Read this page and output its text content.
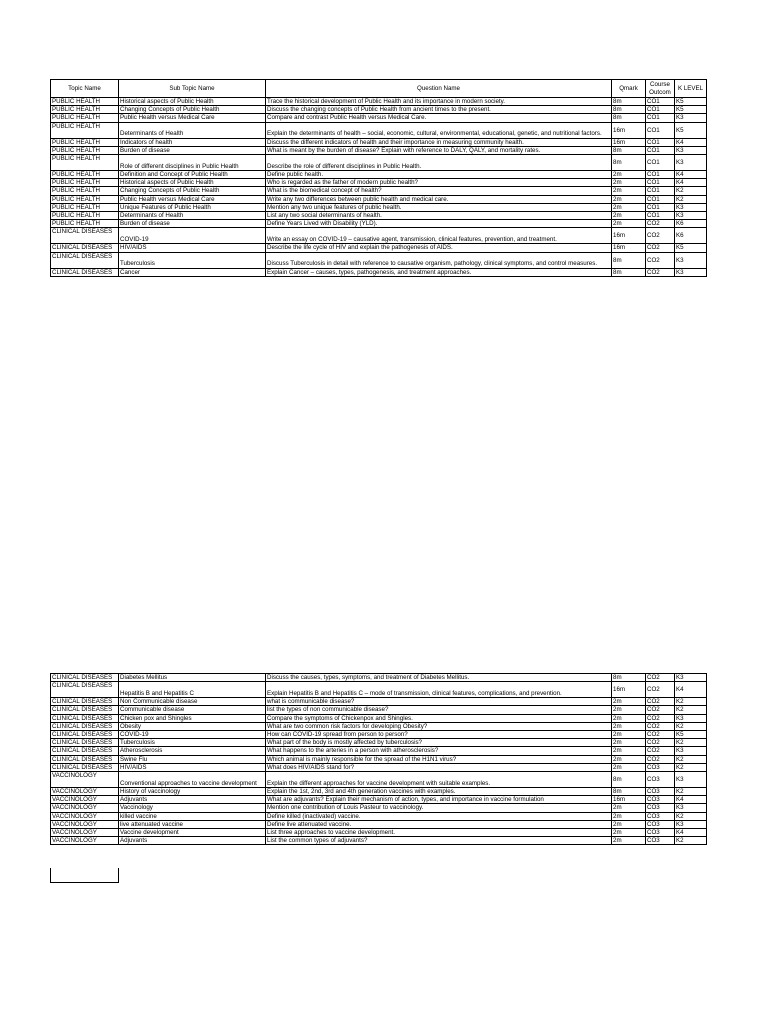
Topic Name	Sub Topic Name	Question Name	Qmark	Course Outcom	K LEVEL
PUBLIC HEALTH	Historical aspects of Public Health	Trace the historical development of Public Health and its importance in modern society.	8m	CO1	K5
PUBLIC HEALTH	Changing Concepts of Public Health	Discuss the changing concepts of Public Health from ancient times to the present.	8m	CO1	K5
PUBLIC HEALTH	Public Health versus Medical Care	Compare and contrast Public Health versus Medical Care.	8m	CO1	K3
PUBLIC HEALTH	Determinants of Health	Explain the determinants of health – social, economic, cultural, environmental, educational, genetic, and nutritional factors.	16m	CO1	K5
PUBLIC HEALTH	Indicators of health	Discuss the different indicators of health and their importance in measuring community health.	16m	CO1	K4
PUBLIC HEALTH	Burden of disease	What is meant by the burden of disease? Explain with reference to DALY, QALY, and mortality rates.	8m	CO1	K3
PUBLIC HEALTH	Role of different disciplines in Public Health	Describe the role of different disciplines in Public Health.	8m	CO1	K3
PUBLIC HEALTH	Definition and Concept of Public Health	Define public health.	2m	CO1	K4
PUBLIC HEALTH	Historical aspects of Public Health	Who is regarded as the father of modern public health?	2m	CO1	K4
PUBLIC HEALTH	Changing Concepts of Public Health	What is the biomedical concept of health?	2m	CO1	K2
PUBLIC HEALTH	Public Health versus Medical Care	Write any two differences between public health and medical care.	2m	CO1	K2
PUBLIC HEALTH	Unique Features of Public Health	Mention any two unique features of public health.	2m	CO1	K3
PUBLIC HEALTH	Determinants of Health	List any two social determinants of health.	2m	CO1	K3
PUBLIC HEALTH	Burden of disease	Define Years Lived with Disability (YLD).	2m	CO2	K6
CLINICAL DISEASES	COVID-19	Write an essay on COVID-19 – causative agent, transmission, clinical features, prevention, and treatment.	16m	CO2	K6
CLINICAL DISEASES	HIV/AIDS	Describe the life cycle of HIV and explain the pathogenesis of AIDS.	16m	CO2	K5
CLINICAL DISEASES	Tuberculosis	Discuss Tuberculosis in detail with reference to causative organism, pathology, clinical symptoms, and control measures.	8m	CO2	K3
CLINICAL DISEASES	Cancer	Explain Cancer – causes, types, pathogenesis, and treatment approaches.	8m	CO2	K3
CLINICAL DISEASES	Diabetes Mellitus	Discuss the causes, types, symptoms, and treatment of Diabetes Mellitus.	8m	CO2	K3
CLINICAL DISEASES	Hepatitis B and Hepatitis C	Explain Hepatitis B and Hepatitis C – mode of transmission, clinical features, complications, and prevention.	16m	CO2	K4
CLINICAL DISEASES	Non Communicable disease	what is communicable disease?	2m	CO2	K2
CLINICAL DISEASES	Communicable disease	list the types of non communicable disease?	2m	CO2	K2
CLINICAL DISEASES	Chicken pox and Shingles	Compare the symptoms of Chickenpox and Shingles.	2m	CO2	K3
CLINICAL DISEASES	Obesity	What are two common risk factors for developing Obesity?	2m	CO2	K2
CLINICAL DISEASES	COVID-19	How can COVID-19 spread from person to person?	2m	CO2	K5
CLINICAL DISEASES	Tuberculosis	What part of the body is mostly affected by tuberculosis?	2m	CO2	K2
CLINICAL DISEASES	Atherosclerosis	What happens to the arteries in a person with atherosclerosis?	2m	CO2	K3
CLINICAL DISEASES	Swine Flu	Which animal is mainly responsible for the spread of the H1N1 virus?	2m	CO2	K2
CLINICAL DISEASES	HIV/AIDS	What does HIV/AIDS stand for?	2m	CO3	K2
VACCINOLOGY	Conventional approaches to vaccine development	Explain the different approaches for vaccine development with suitable examples.	8m	CO3	K3
VACCINOLOGY	History of vaccinology	Explain the 1st, 2nd, 3rd and 4th generation vaccines with examples.	8m	CO3	K2
VACCINOLOGY	Adjuvants	What are adjuvants? Explain their mechanism of action, types, and importance in vaccine formulation	16m	CO3	K4
VACCINOLOGY	Vaccinology	Mention one contribution of Louis Pasteur to vaccinology.	2m	CO3	K3
VACCINOLOGY	killed vaccine	Define killed (inactivated) vaccine.	2m	CO3	K2
VACCINOLOGY	live attenuated vaccine	Define live attenuated vaccine.	2m	CO3	K3
VACCINOLOGY	Vaccine development	List three approaches to vaccine development.	2m	CO3	K4
VACCINOLOGY	Adjuvants	List the common types of adjuvants?	2m	CO3	K2
